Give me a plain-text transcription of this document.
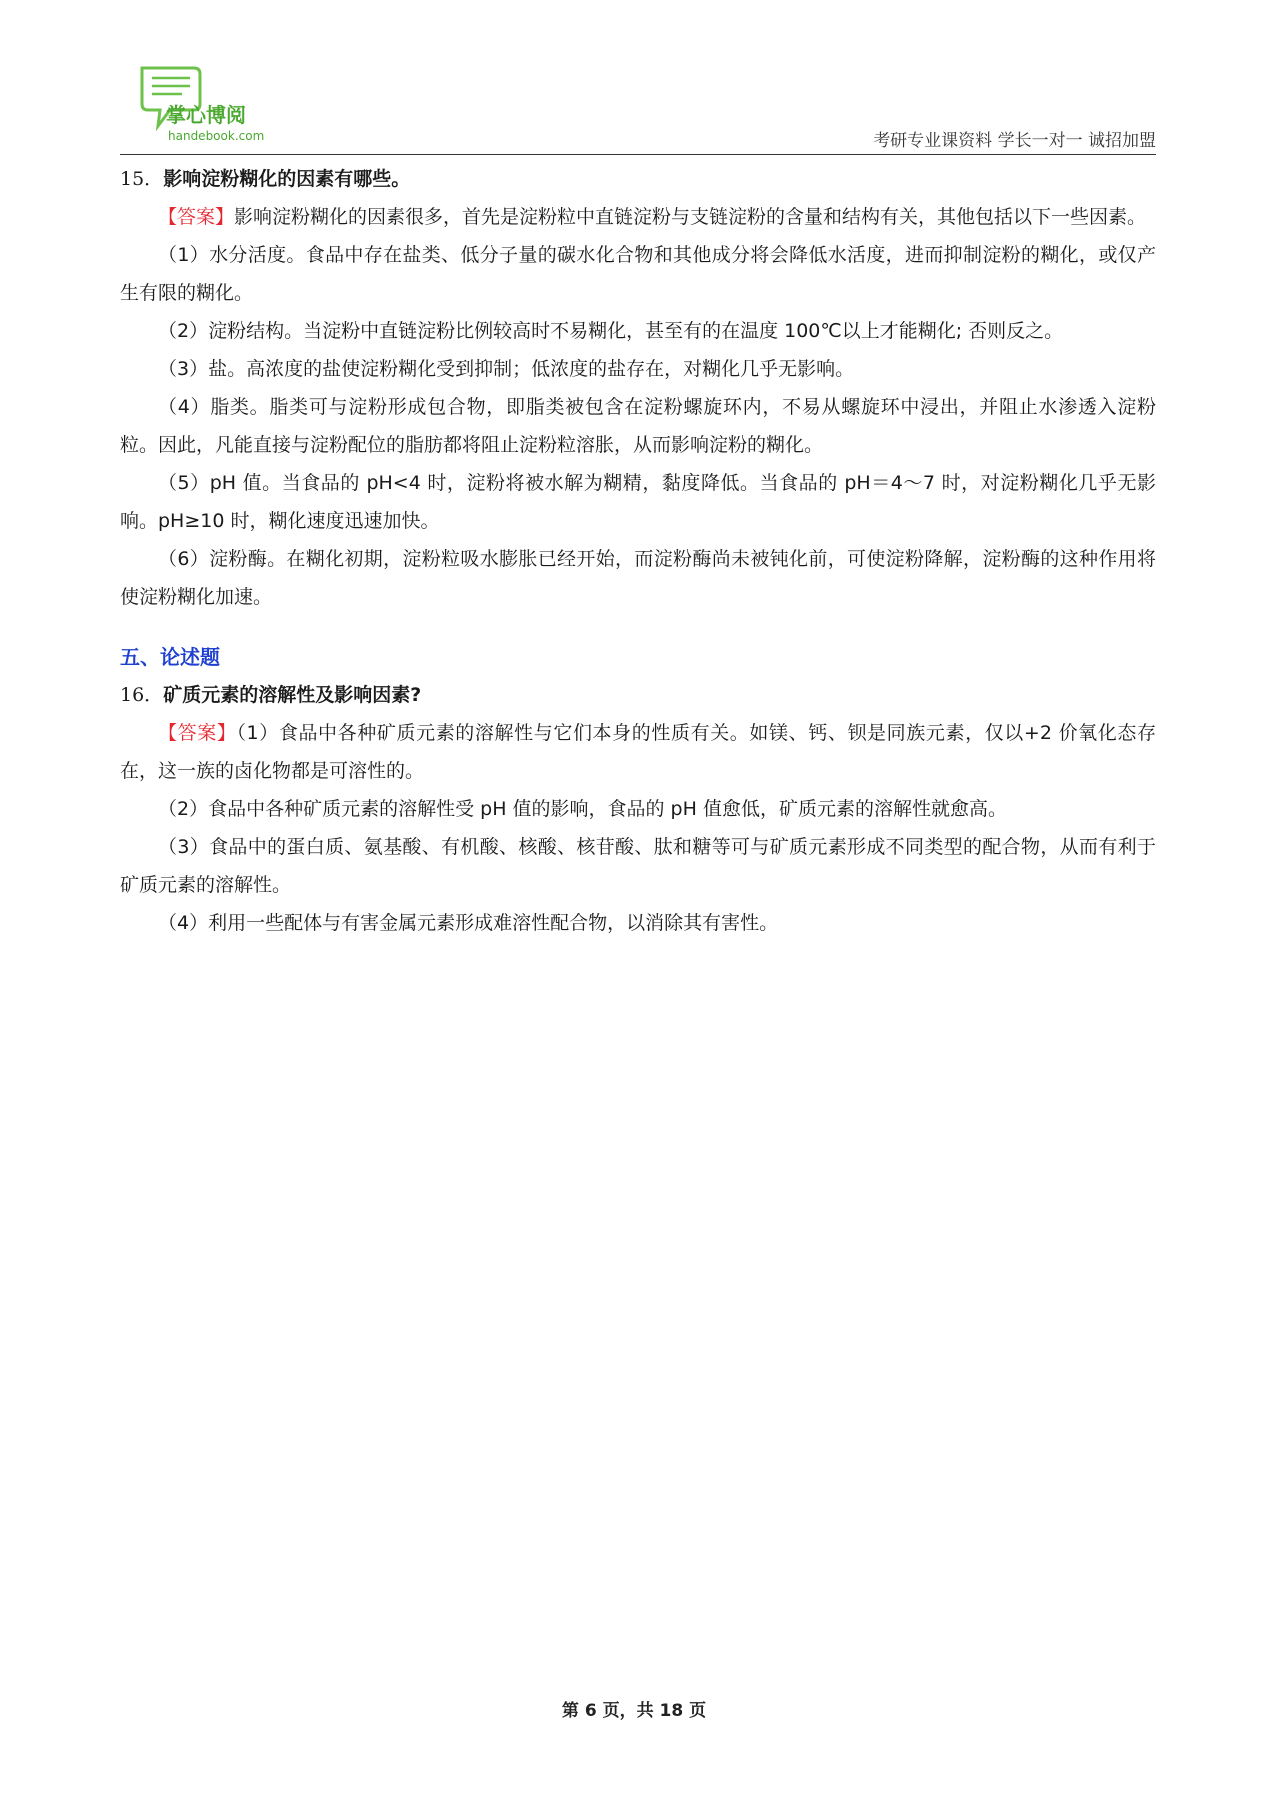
掌心博阅
handebook.com	考研专业课资料 学长一对一 诚招加盟

15．影响淀粉糊化的因素有哪些。

【答案】影响淀粉糊化的因素很多，首先是淀粉粒中直链淀粉与支链淀粉的含量和结构有关，其他包括以下一些因素。

（1）水分活度。食品中存在盐类、低分子量的碳水化合物和其他成分将会降低水活度，进而抑制淀粉的糊化，或仅产生有限的糊化。

（2）淀粉结构。当淀粉中直链淀粉比例较高时不易糊化，甚至有的在温度 100℃以上才能糊化; 否则反之。

（3）盐。高浓度的盐使淀粉糊化受到抑制；低浓度的盐存在，对糊化几乎无影响。

（4）脂类。脂类可与淀粉形成包合物，即脂类被包含在淀粉螺旋环内，不易从螺旋环中浸出，并阻止水渗透入淀粉粒。因此，凡能直接与淀粉配位的脂肪都将阻止淀粉粒溶胀，从而影响淀粉的糊化。

（5）pH 值。当食品的 pH<4 时，淀粉将被水解为糊精，黏度降低。当食品的 pH＝4～7 时，对淀粉糊化几乎无影响。pH≥10 时，糊化速度迅速加快。

（6）淀粉酶。在糊化初期，淀粉粒吸水膨胀已经开始，而淀粉酶尚未被钝化前，可使淀粉降解，淀粉酶的这种作用将使淀粉糊化加速。

五、论述题

16．矿质元素的溶解性及影响因素?

【答案】（1）食品中各种矿质元素的溶解性与它们本身的性质有关。如镁、钙、钡是同族元素，仅以+2 价氧化态存在，这一族的卤化物都是可溶性的。

（2）食品中各种矿质元素的溶解性受 pH 值的影响，食品的 pH 值愈低，矿质元素的溶解性就愈高。

（3）食品中的蛋白质、氨基酸、有机酸、核酸、核苷酸、肽和糖等可与矿质元素形成不同类型的配合物，从而有利于矿质元素的溶解性。

（4）利用一些配体与有害金属元素形成难溶性配合物，以消除其有害性。

第 6 页，共 18 页
